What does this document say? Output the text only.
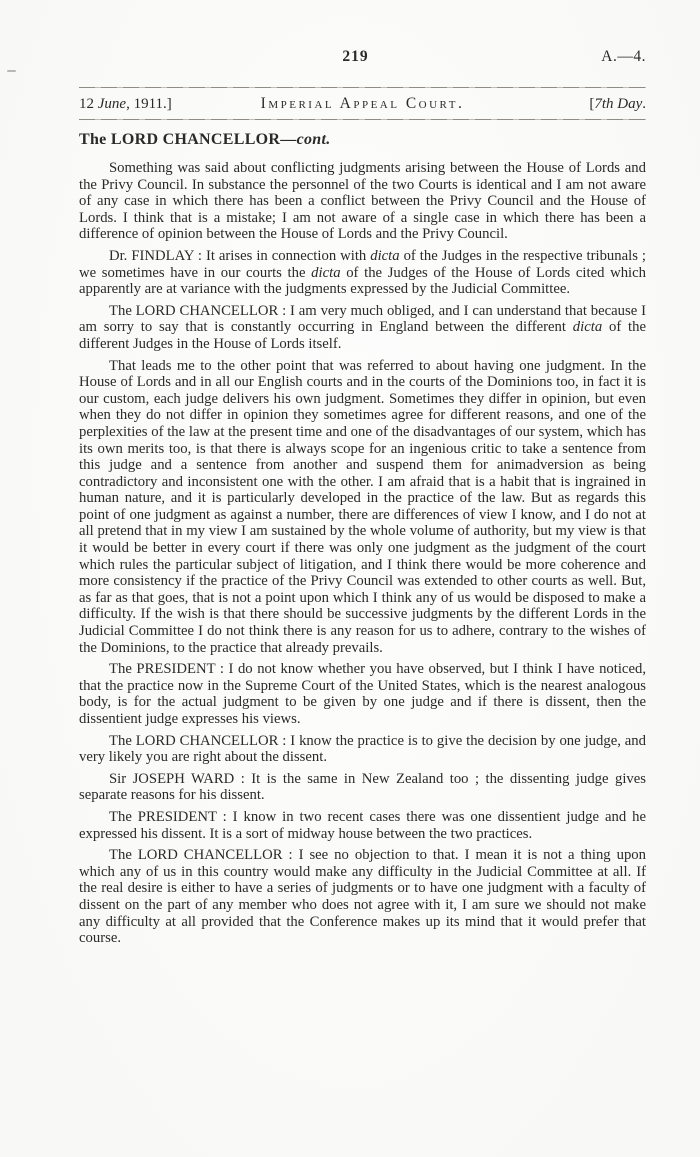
219	A.—4.
12 June, 1911.]	Imperial Appeal Court.	[7th Day.
The LORD CHANCELLOR—cont.

Something was said about conflicting judgments arising between the House of Lords and the Privy Council. In substance the personnel of the two Courts is identical and I am not aware of any case in which there has been a conflict between the Privy Council and the House of Lords. I think that is a mistake; I am not aware of a single case in which there has been a difference of opinion between the House of Lords and the Privy Council.

Dr. FINDLAY : It arises in connection with dicta of the Judges in the respective tribunals ; we sometimes have in our courts the dicta of the Judges of the House of Lords cited which apparently are at variance with the judgments expressed by the Judicial Committee.

The LORD CHANCELLOR : I am very much obliged, and I can understand that because I am sorry to say that is constantly occurring in England between the different dicta of the different Judges in the House of Lords itself.

That leads me to the other point that was referred to about having one judgment. In the House of Lords and in all our English courts and in the courts of the Dominions too, in fact it is our custom, each judge delivers his own judgment. Sometimes they differ in opinion, but even when they do not differ in opinion they sometimes agree for different reasons, and one of the perplexities of the law at the present time and one of the disadvantages of our system, which has its own merits too, is that there is always scope for an ingenious critic to take a sentence from this judge and a sentence from another and suspend them for animadversion as being contradictory and inconsistent one with the other. I am afraid that is a habit that is ingrained in human nature, and it is particularly developed in the practice of the law. But as regards this point of one judgment as against a number, there are differences of view I know, and I do not at all pretend that in my view I am sustained by the whole volume of authority, but my view is that it would be better in every court if there was only one judgment as the judgment of the court which rules the particular subject of litigation, and I think there would be more coherence and more consistency if the practice of the Privy Council was extended to other courts as well. But, as far as that goes, that is not a point upon which I think any of us would be disposed to make a difficulty. If the wish is that there should be successive judgments by the different Lords in the Judicial Committee I do not think there is any reason for us to adhere, contrary to the wishes of the Dominions, to the practice that already prevails.

The PRESIDENT : I do not know whether you have observed, but I think I have noticed, that the practice now in the Supreme Court of the United States, which is the nearest analogous body, is for the actual judgment to be given by one judge and if there is dissent, then the dissentient judge expresses his views.

The LORD CHANCELLOR : I know the practice is to give the decision by one judge, and very likely you are right about the dissent.

Sir JOSEPH WARD : It is the same in New Zealand too ; the dissenting judge gives separate reasons for his dissent.

The PRESIDENT : I know in two recent cases there was one dissentient judge and he expressed his dissent. It is a sort of midway house between the two practices.

The LORD CHANCELLOR : I see no objection to that. I mean it is not a thing upon which any of us in this country would make any difficulty in the Judicial Committee at all. If the real desire is either to have a series of judgments or to have one judgment with a faculty of dissent on the part of any member who does not agree with it, I am sure we should not make any difficulty at all provided that the Conference makes up its mind that it would prefer that course.
